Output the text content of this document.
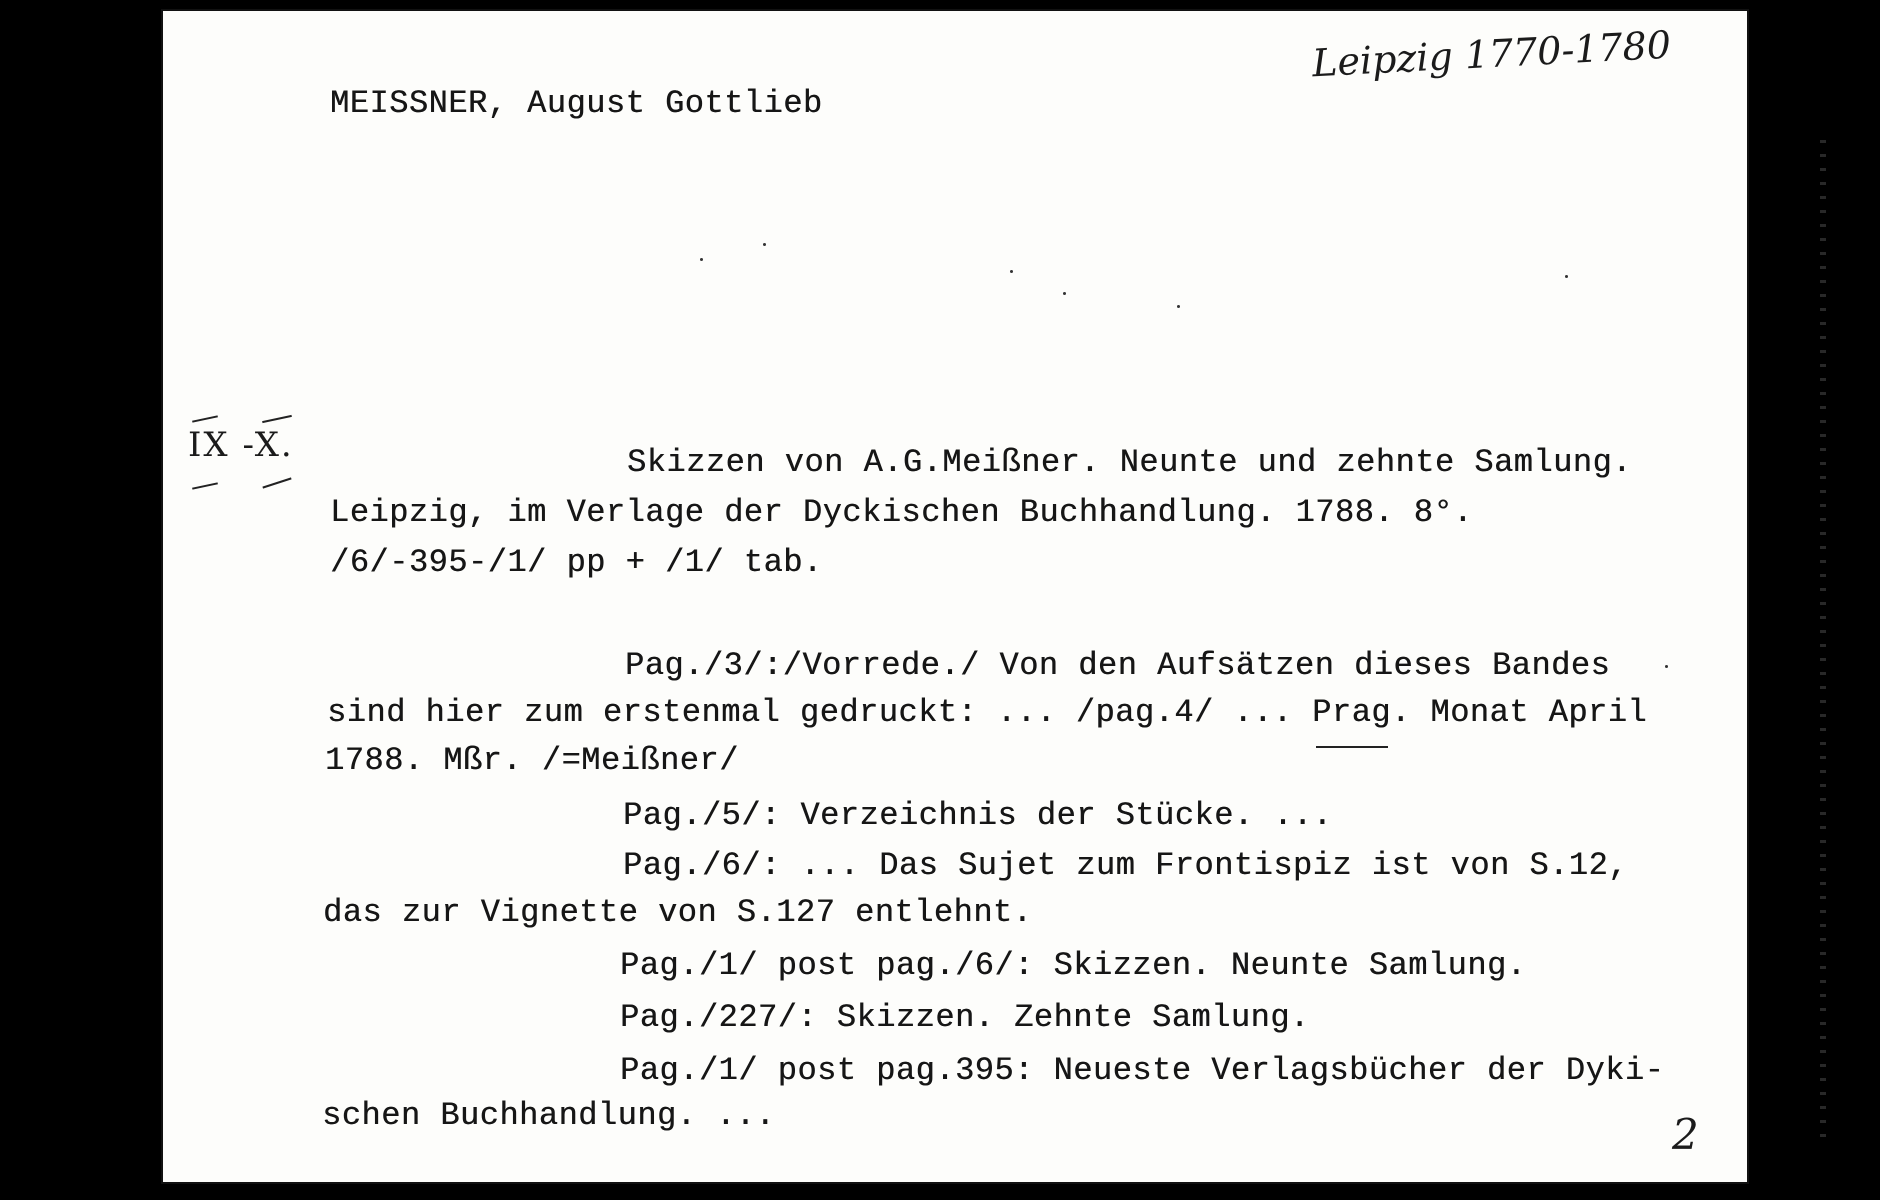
MEISSNER, August Gottlieb
Leipzig 1770-1780
IX -X.	Skizzen von A.G.Meißner. Neunte und zehnte Samlung.
Leipzig, im Verlage der Dyckischen Buchhandlung. 1788. 8°.
/6/-395-/1/ pp + /1/ tab.
Pag./3/:/Vorrede./ Von den Aufsätzen dieses Bandes
sind hier zum erstenmal gedruckt: ... /pag.4/ ... Prag. Monat April
1788. Mßr. /=Meißner/
Pag./5/: Verzeichnis der Stücke. ...
Pag./6/: ... Das Sujet zum Frontispiz ist von S.12,
das zur Vignette von S.127 entlehnt.
Pag./1/ post pag./6/: Skizzen. Neunte Samlung.
Pag./227/: Skizzen. Zehnte Samlung.
Pag./1/ post pag.395: Neueste Verlagsbücher der Dyki-
schen Buchhandlung. ...	2
